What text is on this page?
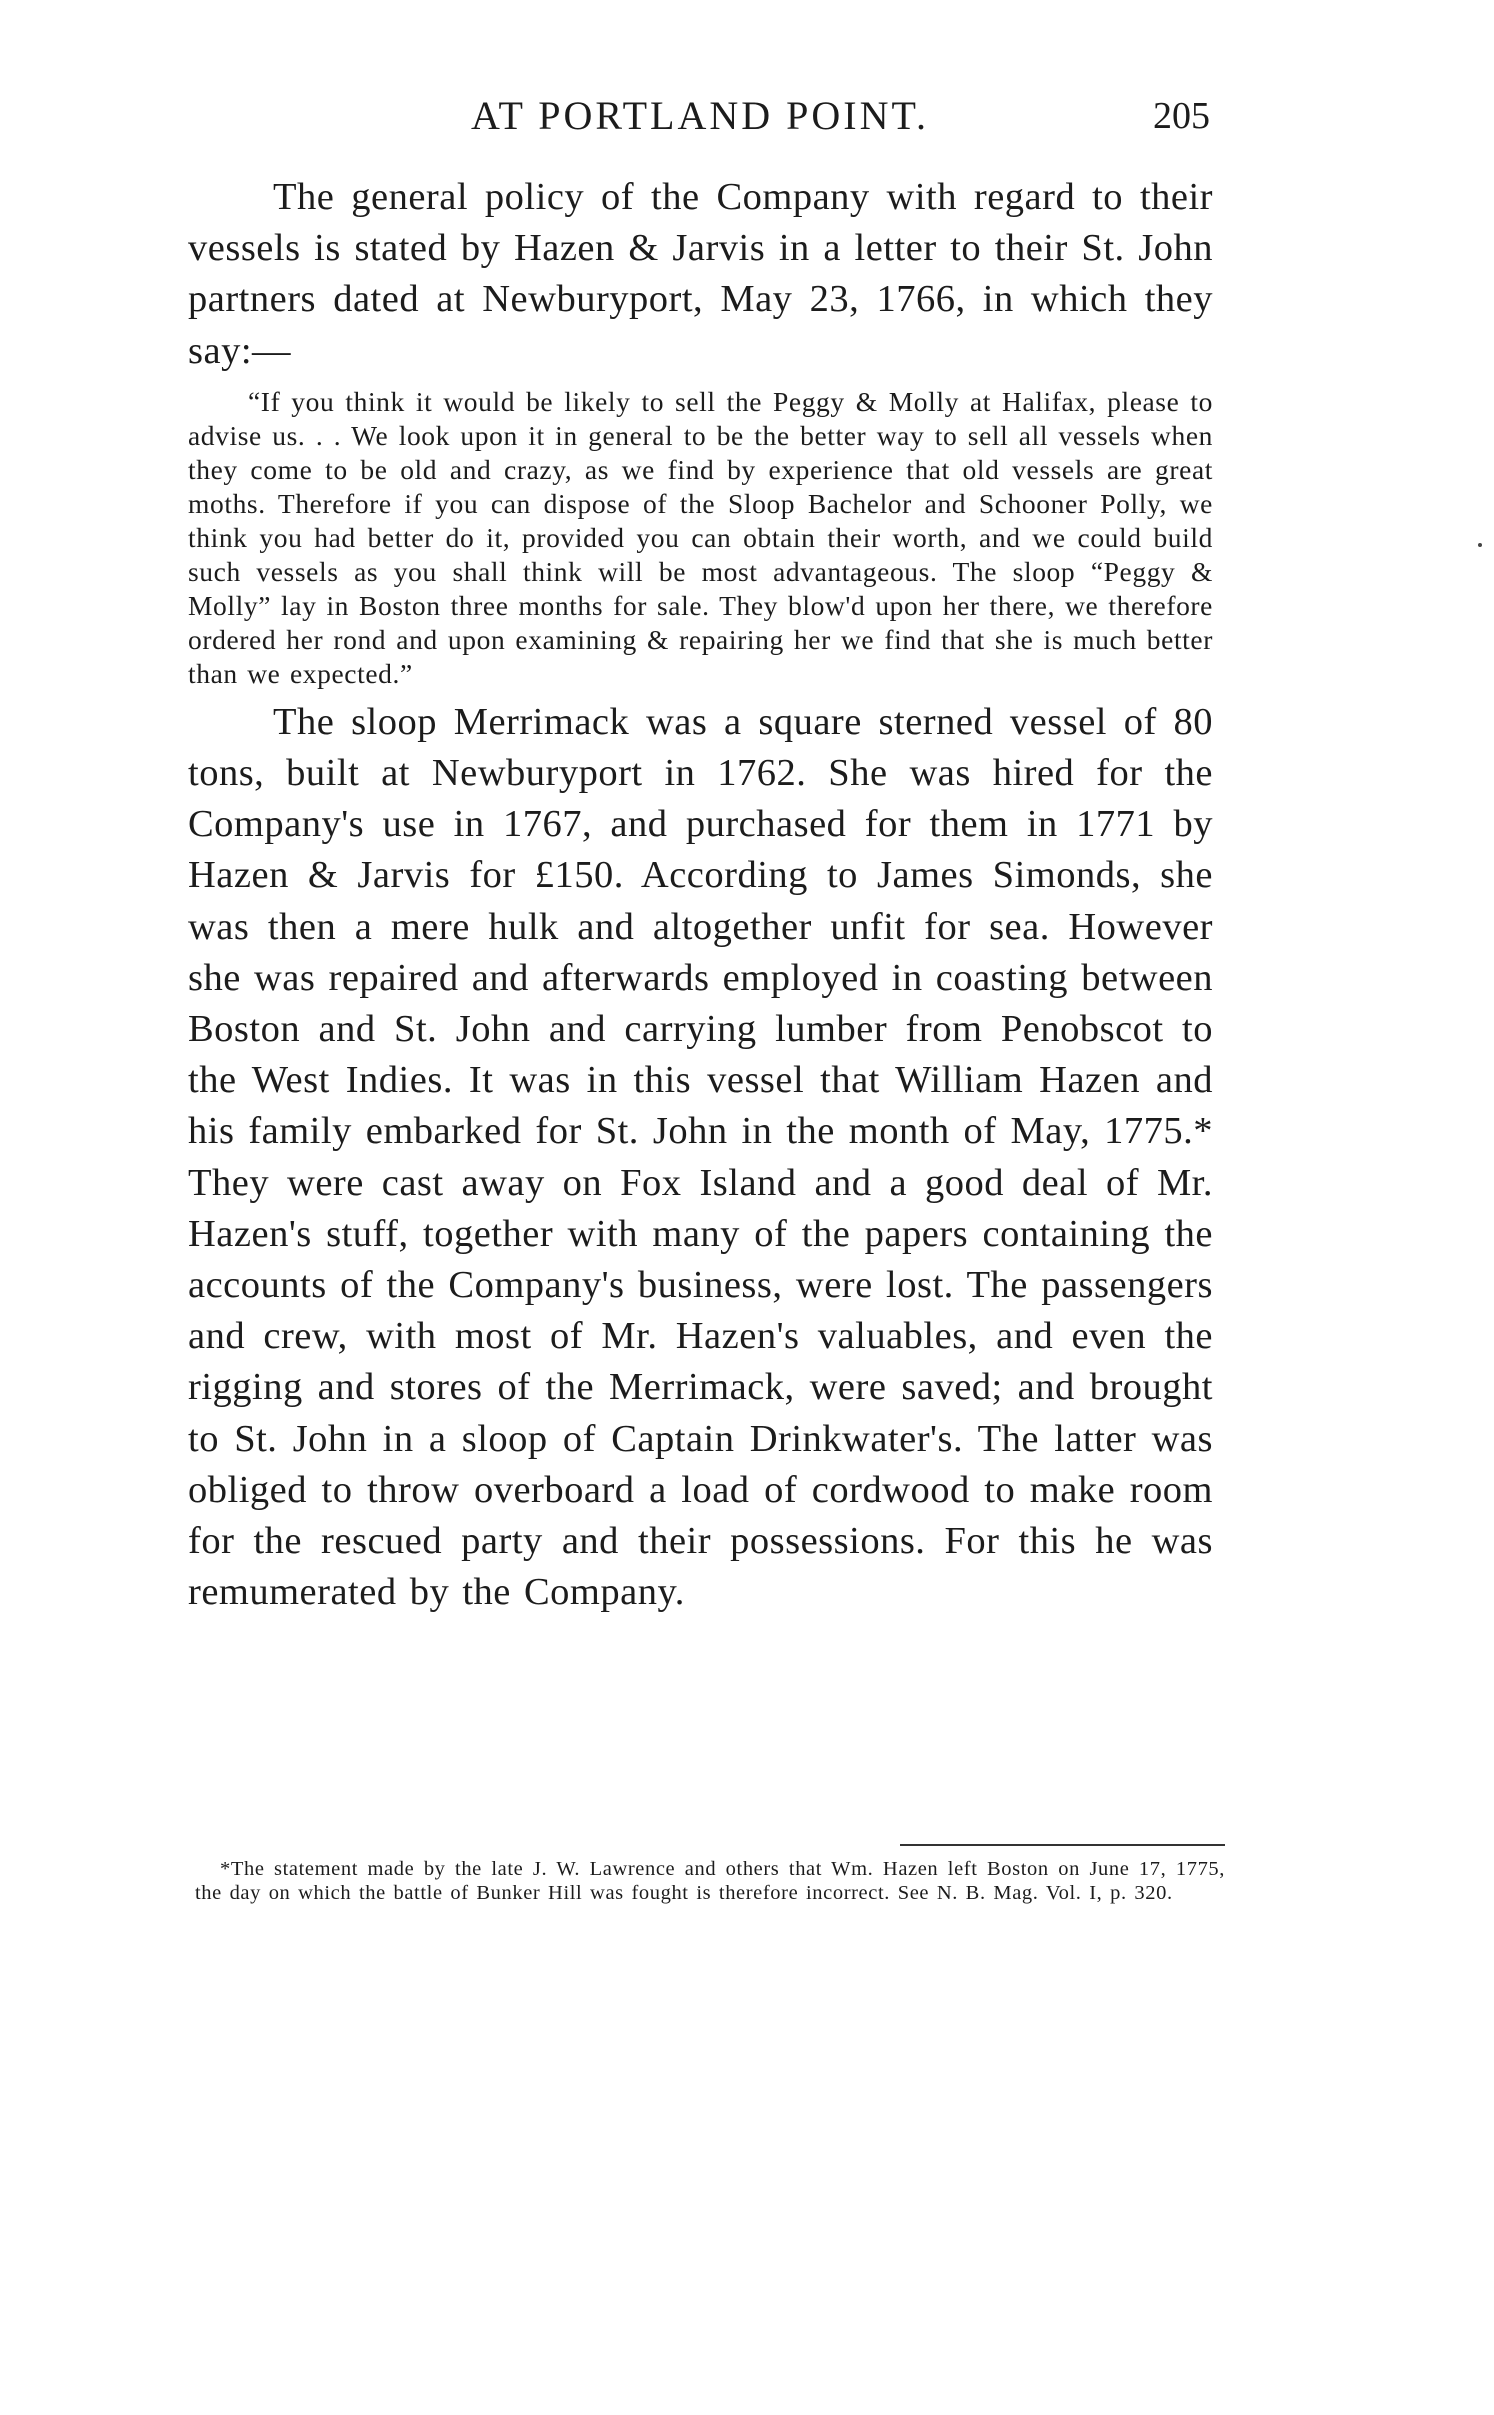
AT PORTLAND POINT.	205

The general policy of the Company with regard to their vessels is stated by Hazen & Jarvis in a letter to their St. John partners dated at Newburyport, May 23, 1766, in which they say:—

“If you think it would be likely to sell the Peggy & Molly at Halifax, please to advise us. . . We look upon it in general to be the better way to sell all vessels when they come to be old and crazy, as we find by experience that old vessels are great moths. Therefore if you can dispose of the Sloop Bachelor and Schooner Polly, we think you had better do it, provided you can obtain their worth, and we could build such vessels as you shall think will be most advantageous. The sloop “Peggy & Molly” lay in Boston three months for sale. They blow'd upon her there, we therefore ordered her rond and upon examining & repairing her we find that she is much better than we expected.”

The sloop Merrimack was a square sterned vessel of 80 tons, built at Newburyport in 1762. She was hired for the Company's use in 1767, and purchased for them in 1771 by Hazen & Jarvis for £150. According to James Simonds, she was then a mere hulk and altogether unfit for sea. However she was repaired and afterwards employed in coasting between Boston and St. John and carrying lumber from Penobscot to the West Indies. It was in this vessel that William Hazen and his family embarked for St. John in the month of May, 1775.* They were cast away on Fox Island and a good deal of Mr. Hazen's stuff, together with many of the papers containing the accounts of the Company's business, were lost. The passengers and crew, with most of Mr. Hazen's valuables, and even the rigging and stores of the Merrimack, were saved; and brought to St. John in a sloop of Captain Drinkwater's. The latter was obliged to throw overboard a load of cordwood to make room for the rescued party and their possessions. For this he was remumerated by the Company.

*The statement made by the late J. W. Lawrence and others that Wm. Hazen left Boston on June 17, 1775, the day on which the battle of Bunker Hill was fought is therefore incorrect. See N. B. Mag. Vol. I, p. 320.
